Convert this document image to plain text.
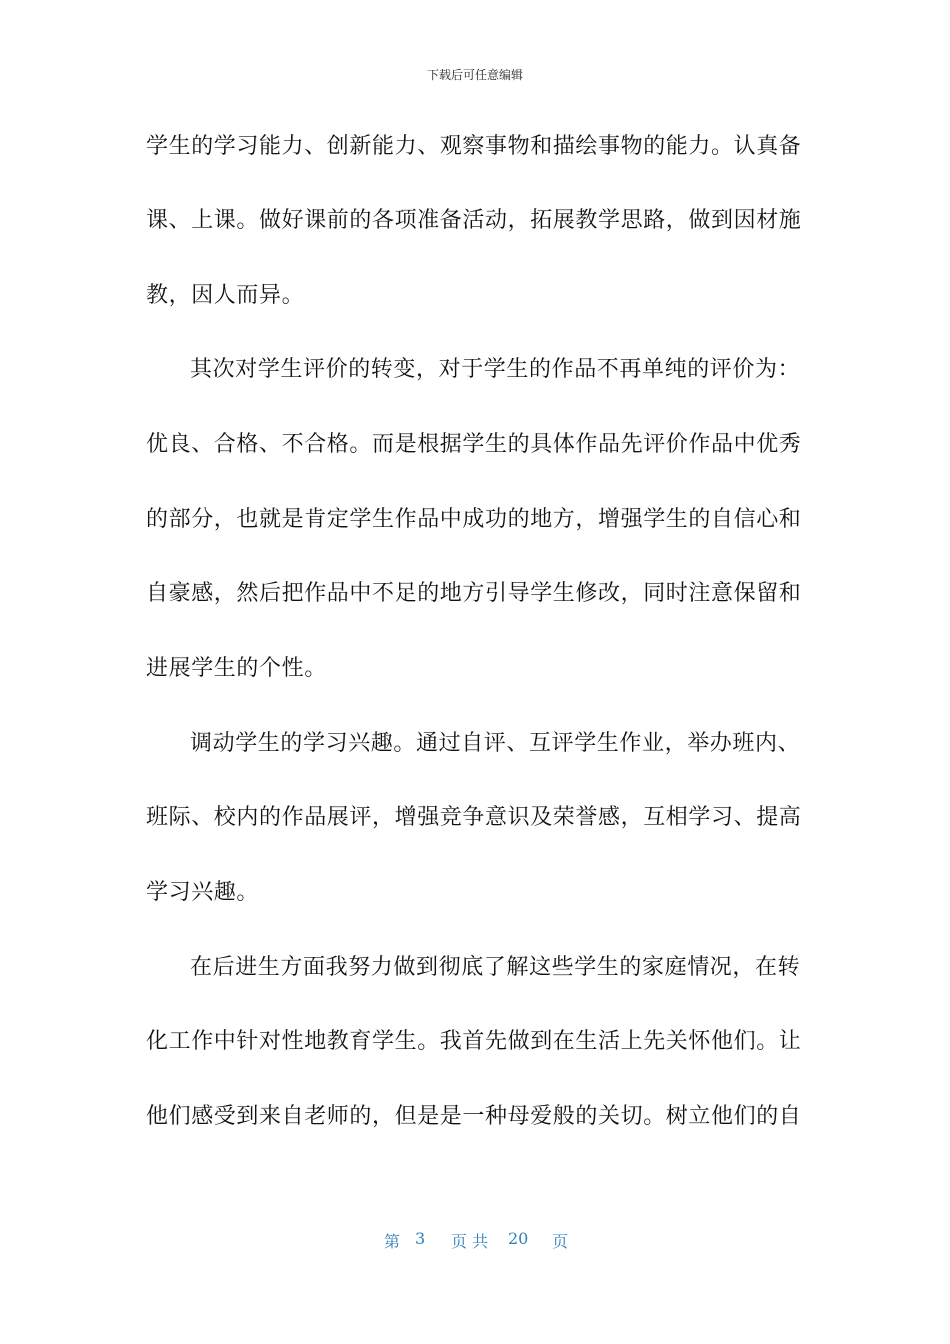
下载后可任意编辑
学生的学习能力、创新能力、观察事物和描绘事物的能力。认真备
课、上课。做好课前的各项准备活动，拓展教学思路，做到因材施
教，因人而异。
其次对学生评价的转变，对于学生的作品不再单纯的评价为：
优良、合格、不合格。而是根据学生的具体作品先评价作品中优秀
的部分，也就是肯定学生作品中成功的地方，增强学生的自信心和
自豪感，然后把作品中不足的地方引导学生修改，同时注意保留和
进展学生的个性。
调动学生的学习兴趣。通过自评、互评学生作业，举办班内、
班际、校内的作品展评，增强竞争意识及荣誉感，互相学习、提高
学习兴趣。
在后进生方面我努力做到彻底了解这些学生的家庭情况，在转
化工作中针对性地教育学生。我首先做到在生活上先关怀他们。让
他们感受到来自老师的，但是是一种母爱般的关切。树立他们的自
第 3 页 共 20 页
